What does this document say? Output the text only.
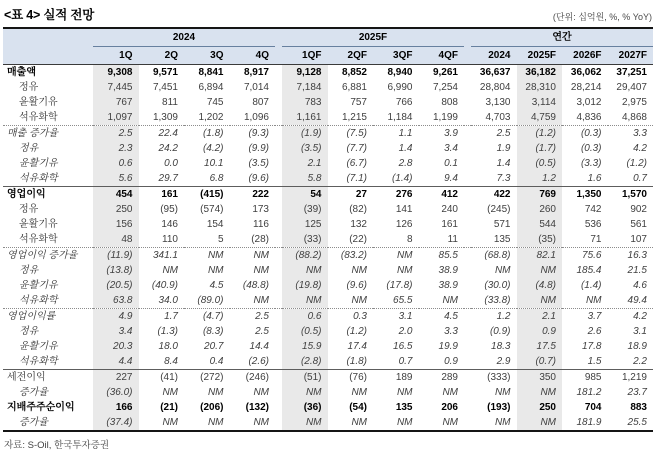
<표 4> 실적 전망	(단위: 십억원, %, % YoY)
	2024					2025F					연간			
	1Q	2Q	3Q	4Q		1QF	2QF	3QF	4QF		2024	2025F	2026F	2027F
매출액	9,308	9,571	8,841	8,917		9,128	8,852	8,940	9,261		36,637	36,182	36,062	37,251
정유	7,445	7,451	6,894	7,014		7,184	6,881	6,990	7,254		28,804	28,310	28,214	29,407
윤활기유	767	811	745	807		783	757	766	808		3,130	3,114	3,012	2,975
석유화학	1,097	1,309	1,202	1,096		1,161	1,215	1,184	1,199		4,703	4,759	4,836	4,868
매출 증가율	2.5	22.4	(1.8)	(9.3)		(1.9)	(7.5)	1.1	3.9		2.5	(1.2)	(0.3)	3.3
정유	2.3	24.2	(4.2)	(9.9)		(3.5)	(7.7)	1.4	3.4		1.9	(1.7)	(0.3)	4.2
윤활기유	0.6	0.0	10.1	(3.5)		2.1	(6.7)	2.8	0.1		1.4	(0.5)	(3.3)	(1.2)
석유화학	5.6	29.7	6.8	(9.6)		5.8	(7.1)	(1.4)	9.4		7.3	1.2	1.6	0.7
영업이익	454	161	(415)	222		54	27	276	412		422	769	1,350	1,570
정유	250	(95)	(574)	173		(39)	(82)	141	240		(245)	260	742	902
윤활기유	156	146	154	116		125	132	126	161		571	544	536	561
석유화학	48	110	5	(28)		(33)	(22)	8	11		135	(35)	71	107
영업이익 증가율	(11.9)	341.1	NM	NM		(88.2)	(83.2)	NM	85.5		(68.8)	82.1	75.6	16.3
정유	(13.8)	NM	NM	NM		NM	NM	NM	38.9		NM	NM	185.4	21.5
윤활기유	(20.5)	(40.9)	4.5	(48.8)		(19.8)	(9.6)	(17.8)	38.9		(30.0)	(4.8)	(1.4)	4.6
석유화학	63.8	34.0	(89.0)	NM		NM	NM	65.5	NM		(33.8)	NM	NM	49.4
영업이익률	4.9	1.7	(4.7)	2.5		0.6	0.3	3.1	4.5		1.2	2.1	3.7	4.2
정유	3.4	(1.3)	(8.3)	2.5		(0.5)	(1.2)	2.0	3.3		(0.9)	0.9	2.6	3.1
윤활기유	20.3	18.0	20.7	14.4		15.9	17.4	16.5	19.9		18.3	17.5	17.8	18.9
석유화학	4.4	8.4	0.4	(2.6)		(2.8)	(1.8)	0.7	0.9		2.9	(0.7)	1.5	2.2
세전이익	227	(41)	(272)	(246)		(51)	(76)	189	289		(333)	350	985	1,219
증가율	(36.0)	NM	NM	NM		NM	NM	NM	NM		NM	NM	181.2	23.7
지배주주순이익	166	(21)	(206)	(132)		(36)	(54)	135	206		(193)	250	704	883
증가율	(37.4)	NM	NM	NM		NM	NM	NM	NM		NM	NM	181.9	25.5
자료: S-Oil, 한국투자증권
